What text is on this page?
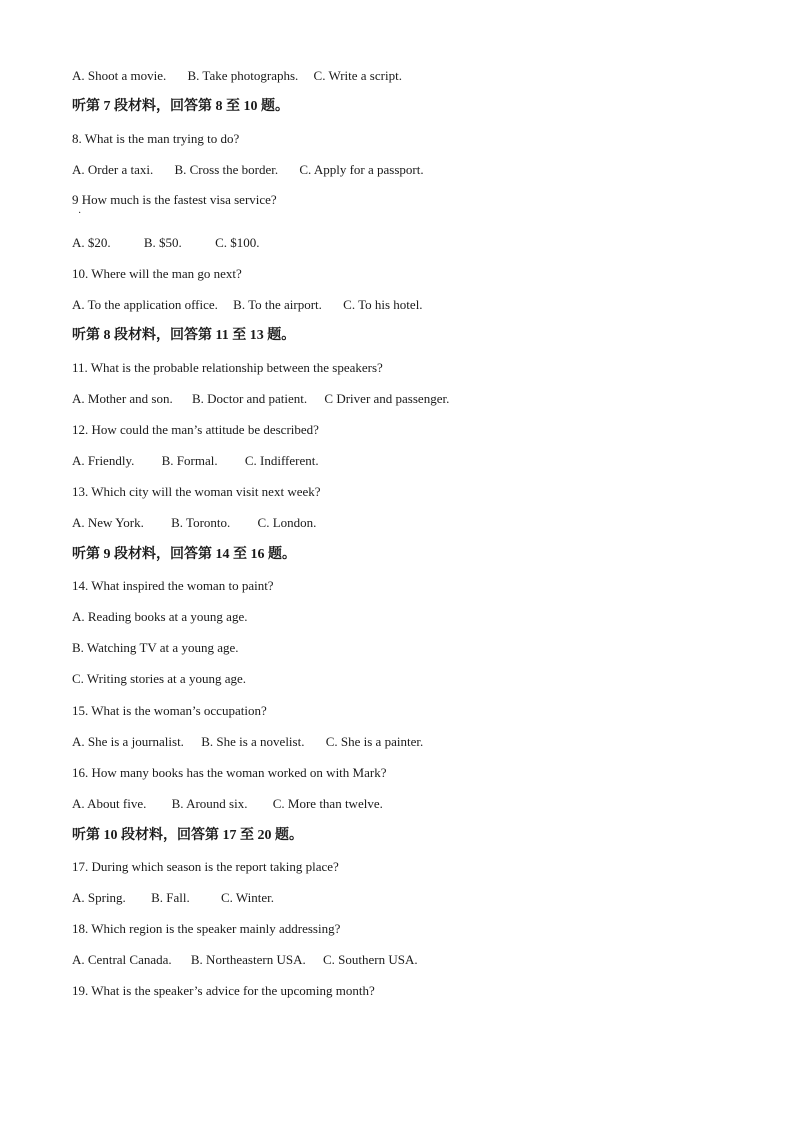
A. Shoot a movie. B. Take photographs. C. Write a script.
听第 7 段材料，回答第 8 至 10 题。
8. What is the man trying to do?
A. Order a taxi. B. Cross the border. C. Apply for a passport.
9 How much is the fastest visa service?
·
A. $20.	B. $50.	C. $100.
10. Where will the man go next?
A. To the application office. B. To the airport. C. To his hotel.
听第 8 段材料，回答第 11 至 13 题。
11. What is the probable relationship between the speakers?
A. Mother and son. B. Doctor and patient. C Driver and passenger.
12. How could the man’s attitude be described?
A. Friendly. B. Formal. C. Indifferent.
13. Which city will the woman visit next week?
A. New York. B. Toronto. C. London.
听第 9 段材料，回答第 14 至 16 题。
14. What inspired the woman to paint?
A. Reading books at a young age.
B. Watching TV at a young age.
C. Writing stories at a young age.
15. What is the woman’s occupation?
A. She is a journalist. B. She is a novelist. C. She is a painter.
16. How many books has the woman worked on with Mark?
A. About five. B. Around six. C. More than twelve.
听第 10 段材料，回答第 17 至 20 题。
17. During which season is the report taking place?
A. Spring. B. Fall. C. Winter.
18. Which region is the speaker mainly addressing?
A. Central Canada. B. Northeastern USA. C. Southern USA.
19. What is the speaker’s advice for the upcoming month?
